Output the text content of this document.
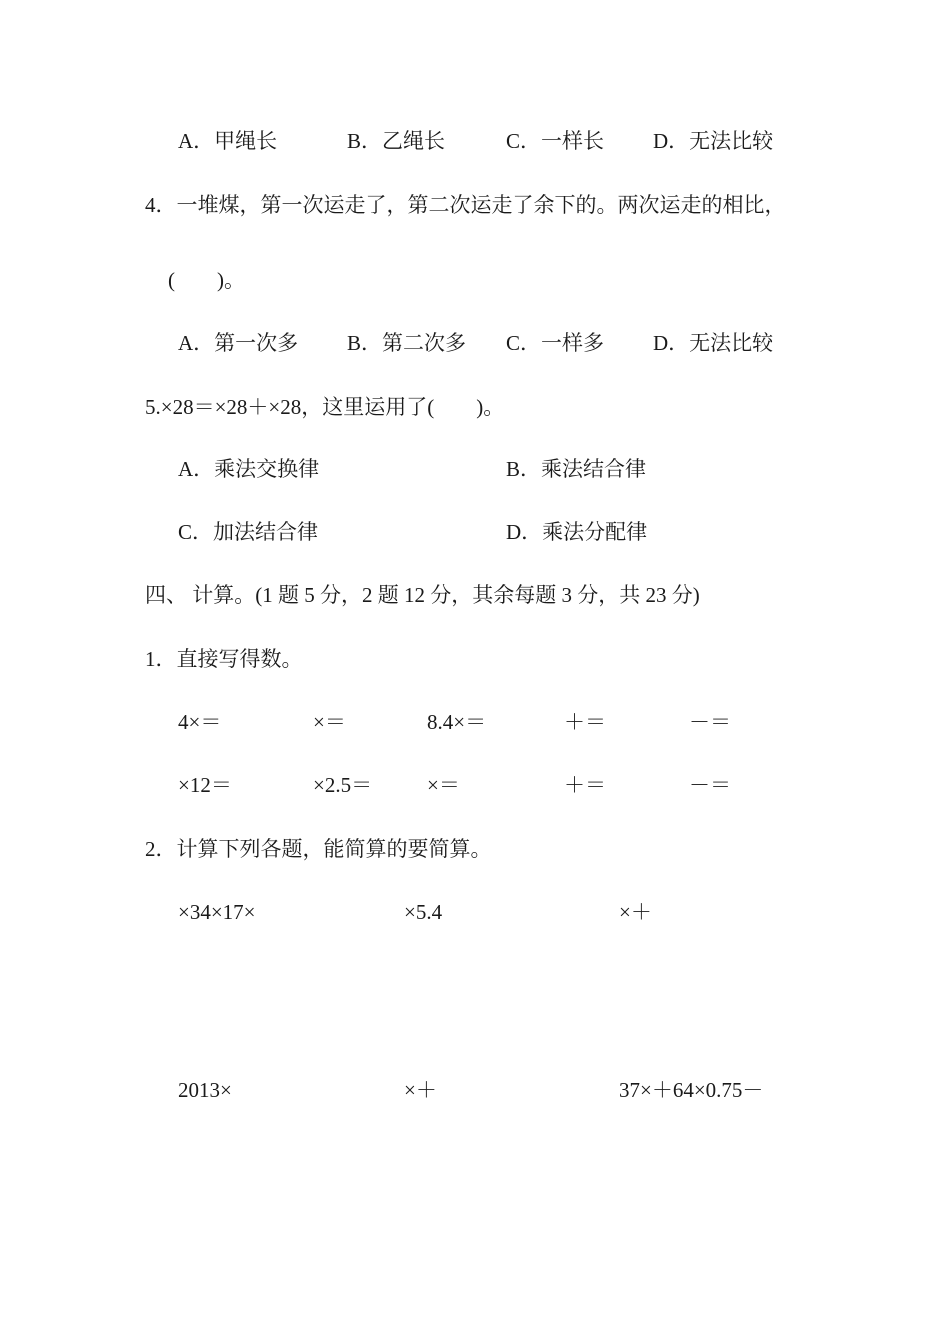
A．甲绳长	B．乙绳长	C．一样长 D．无法比较
4．一堆煤，第一次运走了，第二次运走了余下的。两次运走的相比，
(　　)。
A．第一次多 B．第二次多 C．一样多 D．无法比较
5.×28＝×28＋×28，这里运用了(　　)。
A．乘法交换律	B．乘法结合律
C．加法结合律	D．乘法分配律
四、 计算。(1 题 5 分，2 题 12 分，其余每题 3 分，共 23 分)
1．直接写得数。
4×＝	×＝	8.4×＝	＋＝	－＝
×12＝	×2.5＝	×＝	＋＝	－＝
2．计算下列各题，能简算的要简算。
×34×17×	×5.4	×＋
2013×	×＋	37×＋64×0.75－
